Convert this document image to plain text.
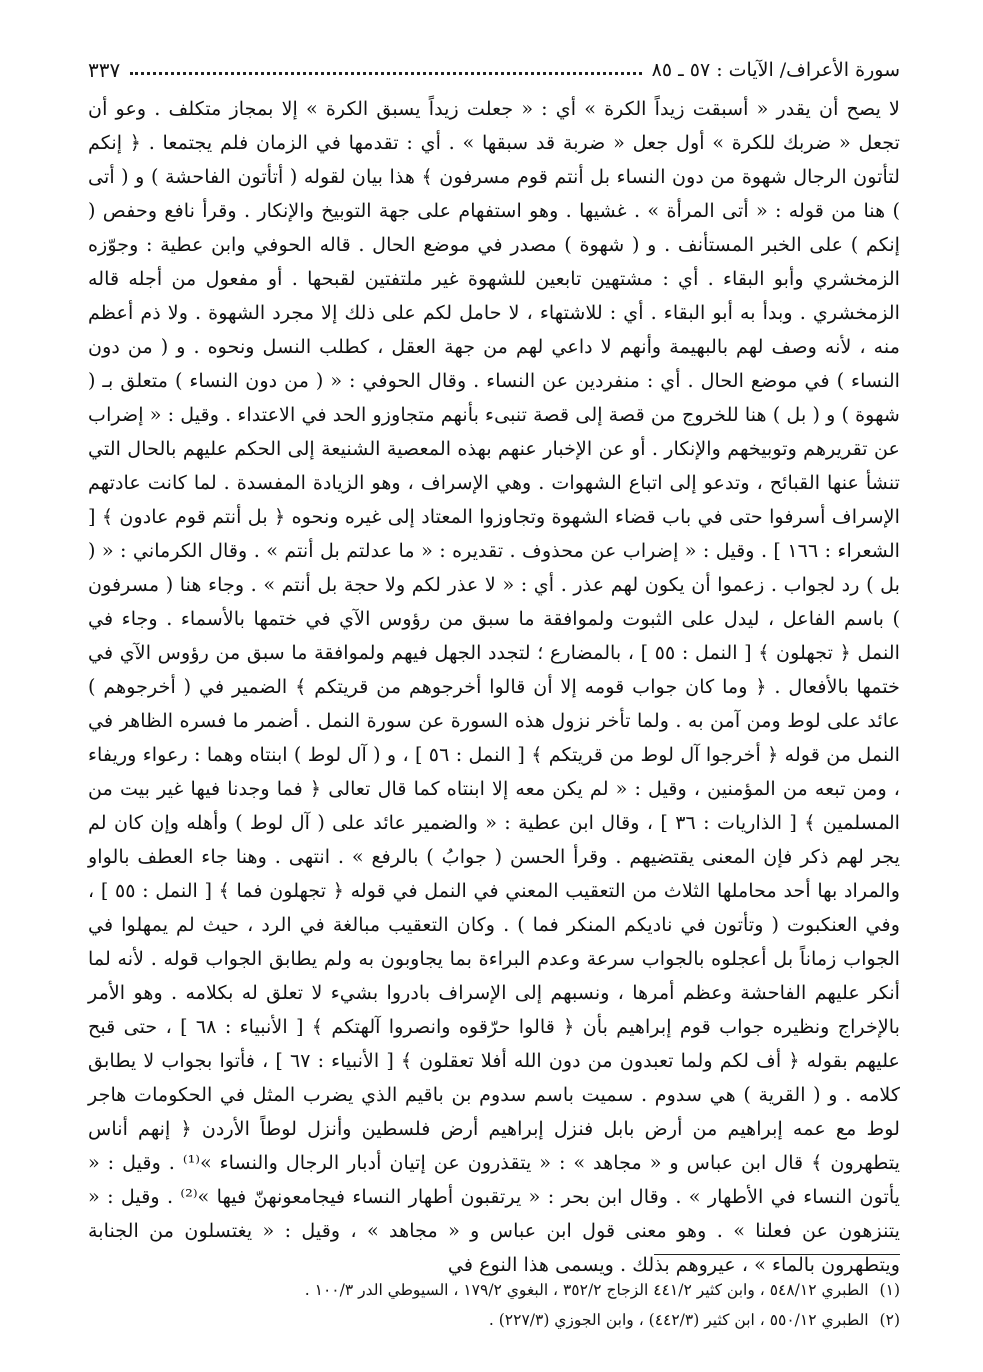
سورة الأعراف/ الآيات : ٥٧ ـ ٨٥
٣٣٧

لا يصح أن يقدر « أسبقت زيداً الكرة » أي : « جعلت زيداً يسبق الكرة » إلا بمجاز متكلف . وعو أن تجعل « ضربك للكرة » أول جعل « ضربة قد سبقها » . أي : تقدمها في الزمان فلم يجتمعا . ﴿ إنكم لتأتون الرجال شهوة من دون النساء بل أنتم قوم مسرفون ﴾ هذا بيان لقوله ( أتأتون الفاحشة ) و ( أتى ) هنا من قوله : « أتى المرأة » . غشيها . وهو استفهام على جهة التوبيخ والإنكار . وقرأ نافع وحفص ( إنكم ) على الخبر المستأنف . و ( شهوة ) مصدر في موضع الحال . قاله الحوفي وابن عطية : وجوّزه الزمخشري وأبو البقاء . أي : مشتهين تابعين للشهوة غير ملتفتين لقبحها . أو مفعول من أجله قاله الزمخشري . وبدأ به أبو البقاء . أي : للاشتهاء ، لا حامل لكم على ذلك إلا مجرد الشهوة . ولا ذم أعظم منه ، لأنه وصف لهم بالبهيمة وأنهم لا داعي لهم من جهة العقل ، كطلب النسل ونحوه . و ( من دون النساء ) في موضع الحال . أي : منفردين عن النساء . وقال الحوفي : « ( من دون النساء ) متعلق بـ ( شهوة ) و ( بل ) هنا للخروج من قصة إلى قصة تنبىء بأنهم متجاوزو الحد في الاعتداء . وقيل : « إضراب عن تقريرهم وتوبيخهم والإنكار . أو عن الإخبار عنهم بهذه المعصية الشنيعة إلى الحكم عليهم بالحال التي تنشأ عنها القبائح ، وتدعو إلى اتباع الشهوات . وهي الإسراف ، وهو الزيادة المفسدة . لما كانت عادتهم الإسراف أسرفوا حتى في باب قضاء الشهوة وتجاوزوا المعتاد إلى غيره ونحوه ﴿ بل أنتم قوم عادون ﴾ [ الشعراء : ١٦٦ ] . وقيل : « إضراب عن محذوف . تقديره : « ما عدلتم بل أنتم » . وقال الكرماني : « ( بل ) رد لجواب . زعموا أن يكون لهم عذر . أي : « لا عذر لكم ولا حجة بل أنتم » . وجاء هنا ( مسرفون ) باسم الفاعل ، ليدل على الثبوت ولموافقة ما سبق من رؤوس الآي في ختمها بالأسماء . وجاء في النمل ﴿ تجهلون ﴾ [ النمل : ٥٥ ] ، بالمضارع ؛ لتجدد الجهل فيهم ولموافقة ما سبق من رؤوس الآي في ختمها بالأفعال . ﴿ وما كان جواب قومه إلا أن قالوا أخرجوهم من قريتكم ﴾ الضمير في ( أخرجوهم ) عائد على لوط ومن آمن به . ولما تأخر نزول هذه السورة عن سورة النمل . أضمر ما فسره الظاهر في النمل من قوله ﴿ أخرجوا آل لوط من قريتكم ﴾ [ النمل : ٥٦ ] ، و ( آل لوط ) ابنتاه وهما : رعواء وريفاء ، ومن تبعه من المؤمنين ، وقيل : « لم يكن معه إلا ابنتاه كما قال تعالى ﴿ فما وجدنا فيها غير بيت من المسلمين ﴾ [ الذاريات : ٣٦ ] ، وقال ابن عطية : « والضمير عائد على ( آل لوط ) وأهله وإن كان لم يجر لهم ذكر فإن المعنى يقتضيهم . وقرأ الحسن ( جوابُ ) بالرفع » . انتهى . وهنا جاء العطف بالواو والمراد بها أحد محاملها الثلاث من التعقيب المعني في النمل في قوله ﴿ تجهلون فما ﴾ [ النمل : ٥٥ ] ، وفي العنكبوت ( وتأتون في ناديكم المنكر فما ) . وكان التعقيب مبالغة في الرد ، حيث لم يمهلوا في الجواب زماناً بل أعجلوه بالجواب سرعة وعدم البراءة بما يجاوبون به ولم يطابق الجواب قوله . لأنه لما أنكر عليهم الفاحشة وعظم أمرها ، ونسبهم إلى الإسراف بادروا بشيء لا تعلق له بكلامه . وهو الأمر بالإخراج ونظيره جواب قوم إبراهيم بأن ﴿ قالوا حرّقوه وانصروا آلهتكم ﴾ [ الأنبياء : ٦٨ ] ، حتى قبح عليهم بقوله ﴿ أف لكم ولما تعبدون من دون الله أفلا تعقلون ﴾ [ الأنبياء : ٦٧ ] ، فأتوا بجواب لا يطابق كلامه . و ( القرية ) هي سدوم . سميت باسم سدوم بن باقيم الذي يضرب المثل في الحكومات هاجر لوط مع عمه إبراهيم من أرض بابل فنزل إبراهيم أرض فلسطين وأنزل لوطاً الأردن ﴿ إنهم أناس يتطهرون ﴾ قال ابن عباس و « مجاهد » : « يتقذرون عن إتيان أدبار الرجال والنساء »⁽¹⁾ . وقيل : « يأتون النساء في الأطهار » . وقال ابن بحر : « يرتقبون أطهار النساء فيجامعونهنّ فيها »⁽²⁾ . وقيل : « يتنزهون عن فعلنا » . وهو معنى قول ابن عباس و « مجاهد » ، وقيل : « يغتسلون من الجنابة ويتطهرون بالماء » ، عيروهم بذلك . ويسمى هذا النوع في

(١) الطبري ٥٤٨/١٢ ، وابن كثير ٤٤١/٢ الزجاج ٣٥٢/٢ ، البغوي ١٧٩/٢ ، السيوطي الدر ١٠٠/٣ .
(٢) الطبري ٥٥٠/١٢ ، ابن كثير (٤٤٢/٣) ، وابن الجوزي (٢٢٧/٣) .
